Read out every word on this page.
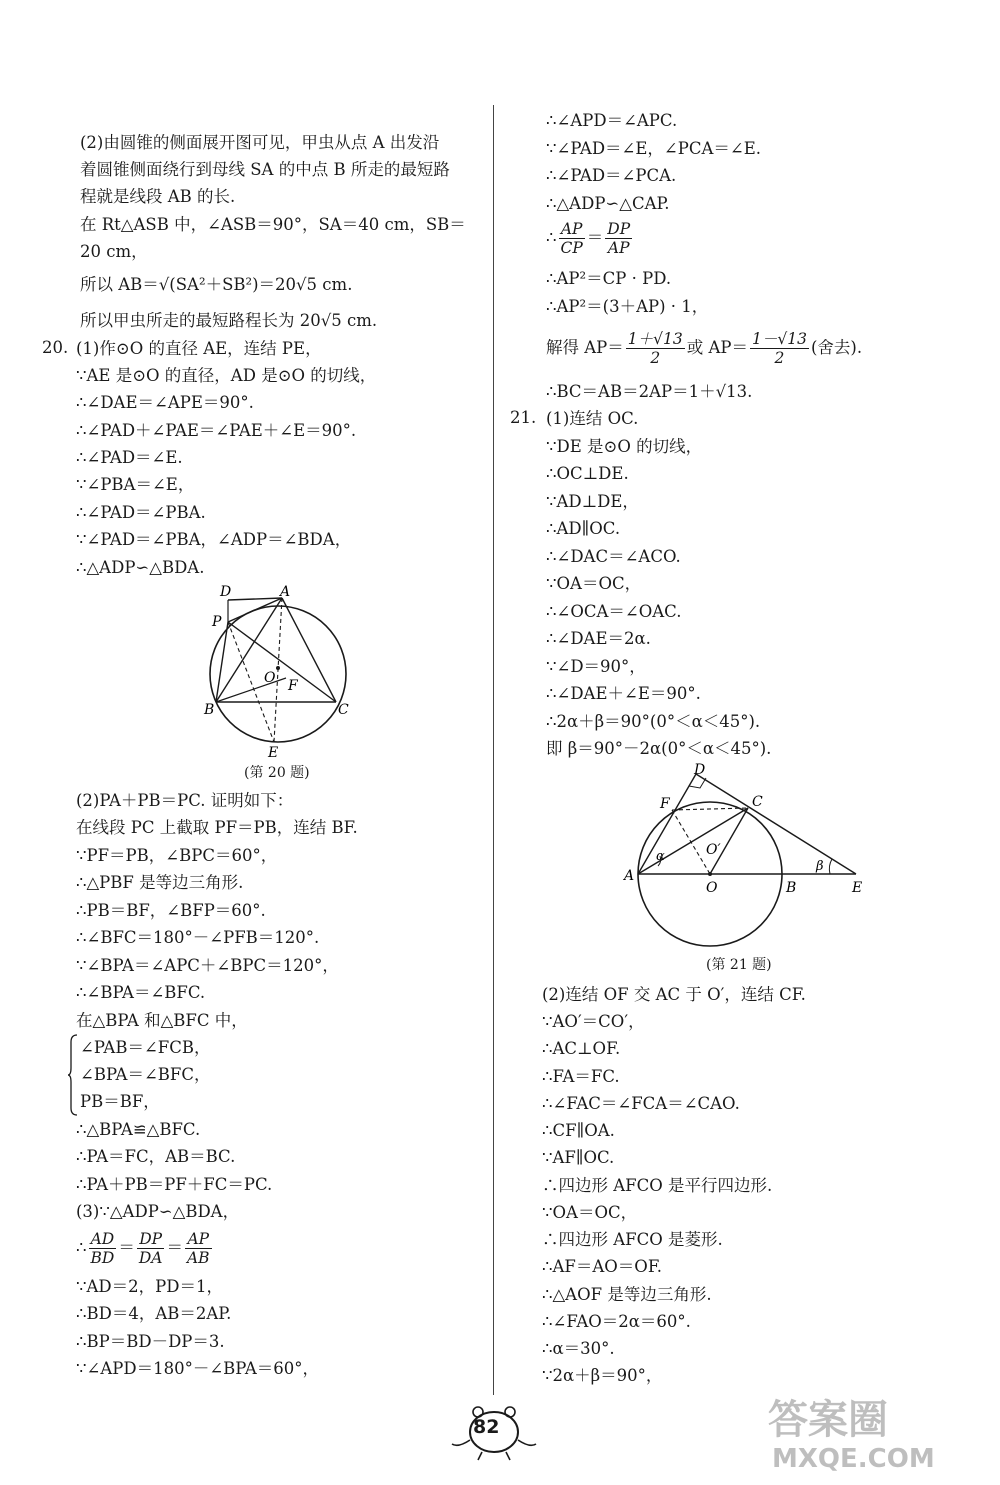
(2)由圆锥的侧面展开图可见，甲虫从点 A 出发沿
着圆锥侧面绕行到母线 SA 的中点 B 所走的最短路
程就是线段 AB 的长.
在 Rt△ASB 中，∠ASB＝90°，SA＝40 cm，SB＝
20 cm，
所以 AB＝√(SA²＋SB²)＝20√5 cm.
所以甲虫所走的最短路程长为 20√5 cm.
20. (1)作⊙O 的直径 AE，连结 PE，
∵AE 是⊙O 的直径，AD 是⊙O 的切线，
∴∠DAE＝∠APE＝90°.
∴∠PAD＋∠PAE＝∠PAE＋∠E＝90°.
∴∠PAD＝∠E.
∵∠PBA＝∠E，
∴∠PAD＝∠PBA.
∵∠PAD＝∠PBA，∠ADP＝∠BDA，
∴△ADP∽△BDA.
D	A
P
O F
B	C
E
(第 20 题)
(2)PA＋PB＝PC. 证明如下：
在线段 PC 上截取 PF＝PB，连结 BF.
∵PF＝PB，∠BPC＝60°，
∴△PBF 是等边三角形.
∴PB＝BF，∠BFP＝60°.
∴∠BFC＝180°－∠PFB＝120°.
∵∠BPA＝∠APC＋∠BPC＝120°，
∴∠BPA＝∠BFC.
在△BPA 和△BFC 中，
∠PAB＝∠FCB，
∠BPA＝∠BFC，
PB＝BF，
∴△BPA≌△BFC.
∴PA＝FC，AB＝BC.
∴PA＋PB＝PF＋FC＝PC.
(3)∵△ADP∽△BDA，
∴ $\frac{AD}{BD} = \frac{DP}{DA} = \frac{AP}{AB}$
∵AD＝2，PD＝1，
∴BD＝4，AB＝2AP.
∴BP＝BD－DP＝3.
∵∠APD＝180°－∠BPA＝60°，
∴∠APD＝∠APC.
∵∠PAD＝∠E，∠PCA＝∠E.
∴∠PAD＝∠PCA.
∴△ADP∽△CAP.
∴ $\frac{AP}{CP} = \frac{DP}{AP}$
∴AP²＝CP · PD.
∴AP²＝(3＋AP) · 1，
解得 $AP= \frac{1+√13}{2}$ 或 $AP= \frac{1-√13}{2}$ (舍去).
∴BC＝AB＝2AP＝1＋√13.
21. (1)连结 OC.
∵DE 是⊙O 的切线，
∴OC⊥DE.
∵AD⊥DE，
∴AD∥OC.
∴∠DAC＝∠ACO.
∵OA＝OC，
∴∠OCA＝∠OAC.
∴∠DAE＝2α.
∵∠D＝90°，
∴∠DAE＋∠E＝90°.
∴2α＋β＝90°(0°＜α＜45°).
即 β＝90°－2α(0°＜α＜45°).
D
F	C
O′
A
O	B	E
α
β
(第 21 题)
(2)连结 OF 交 AC 于 O′，连结 CF.
∵AO′＝CO′，
∴AC⊥OF.
∴FA＝FC.
∴∠FAC＝∠FCA＝∠CAO.
∴CF∥OA.
∵AF∥OC.
∴四边形 AFCO 是平行四边形.
∵OA＝OC，
∴四边形 AFCO 是菱形.
∴AF＝AO＝OF.
∴△AOF 是等边三角形.
∴∠FAO＝2α＝60°.
∴α＝30°.
∵2α＋β＝90°，
82	答案圈
MXQE.COM
